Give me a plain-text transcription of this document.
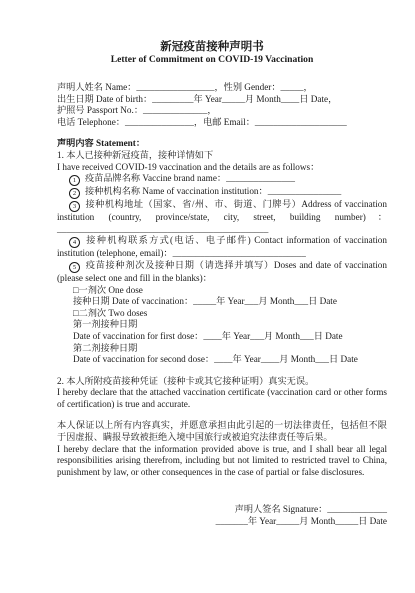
新冠疫苗接种声明书
Letter of Commitment on COVID-19 Vaccination
声明人姓名 Name：_________________，性别 Gender：_____，
出生日期 Date of birth：_________年 Year_____月 Month____日 Date，
护照号 Passport No.：______________，
电话 Telephone：_______________，电邮 Email：____________________
声明内容 Statement：
1. 本人已接种新冠疫苗，接种详情如下
I have received COVID-19 vaccination and the details are as follows：
1 疫苗品牌名称 Vaccine brand name：_______________
2 接种机构名称 Name of vaccination institution：________________
3 接种机构地址（国家、省/州、市、街道、门牌号）Address of vaccination institution (country, province/state, city, street, building number)：______________________________________________
4 接种机构联系方式(电话、电子邮件) Contact information of vaccination institution (telephone, email)：_____________________________
5 疫苗接种剂次及接种日期（请选择并填写）Doses and date of vaccination (please select one and fill in the blanks)：
□一剂次 One dose
接种日期 Date of vaccination：_____年 Year___月 Month___日 Date
□二剂次 Two doses
第一剂接种日期
Date of vaccination for first dose：____年 Year___月 Month___日 Date
第二剂接种日期
Date of vaccination for second dose：____年 Year____月 Month___日 Date
2. 本人所附疫苗接种凭证（接种卡或其它接种证明）真实无误。
I hereby declare that the attached vaccination certificate (vaccination card or other forms of certification) is true and accurate.
本人保证以上所有内容真实，并愿意承担由此引起的一切法律责任，包括但不限于因虚报、瞒报导致被拒绝入境中国旅行或被追究法律责任等后果。
I hereby declare that the information provided above is true, and I shall bear all legal responsibilities arising therefrom, including but not limited to restricted travel to China, punishment by law, or other consequences in the case of partial or false disclosures.
声明人签名 Signature：_____________
_______年 Year_____月 Month_____日 Date
